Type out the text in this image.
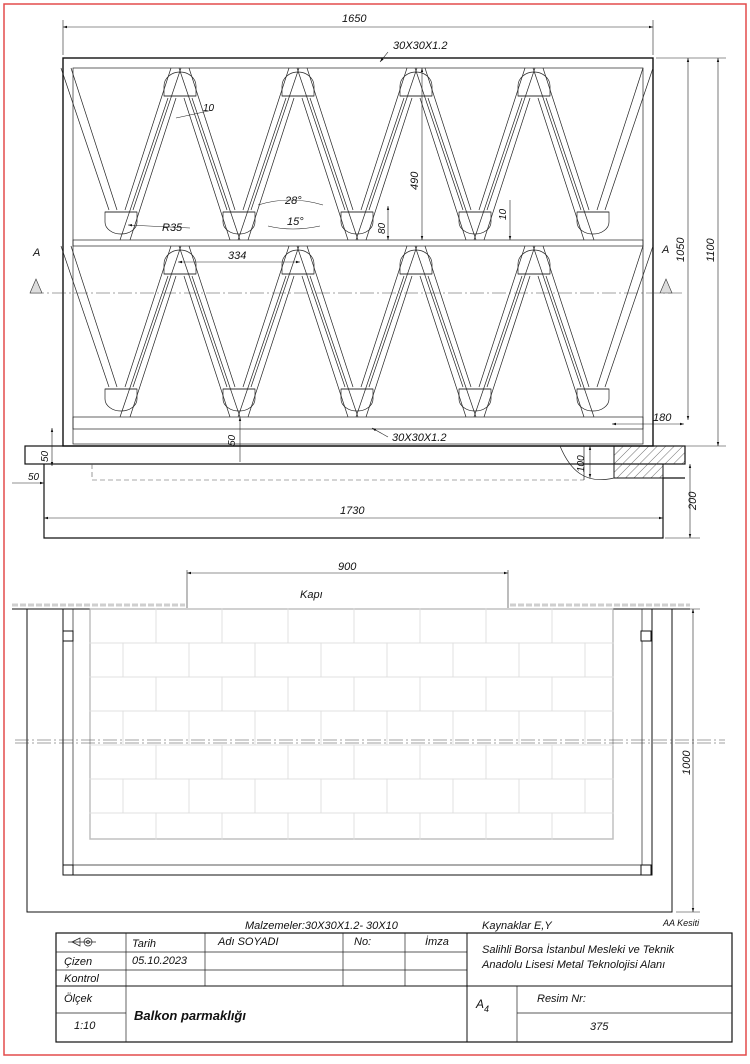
A	A
1650
30X30X1.2
1050 1100
490
10
28°
15°
R35	80
10
334
30X30X1.2
180
50
50
50
100
200
1730
900
Kapı
1000
AA Kesiti
Malzemeler:30X30X1.2- 30X10	Kaynaklar E,Y
Tarih	Adı SOYADI	No:	İmza
Çizen	05.10.2023
Kontrol
Ölçek
1:10
Balkon parmaklığı
A 4
Resim Nr:
375
Salihli Borsa İstanbul Mesleki ve Teknik
Anadolu Lisesi Metal Teknolojisi Alanı
